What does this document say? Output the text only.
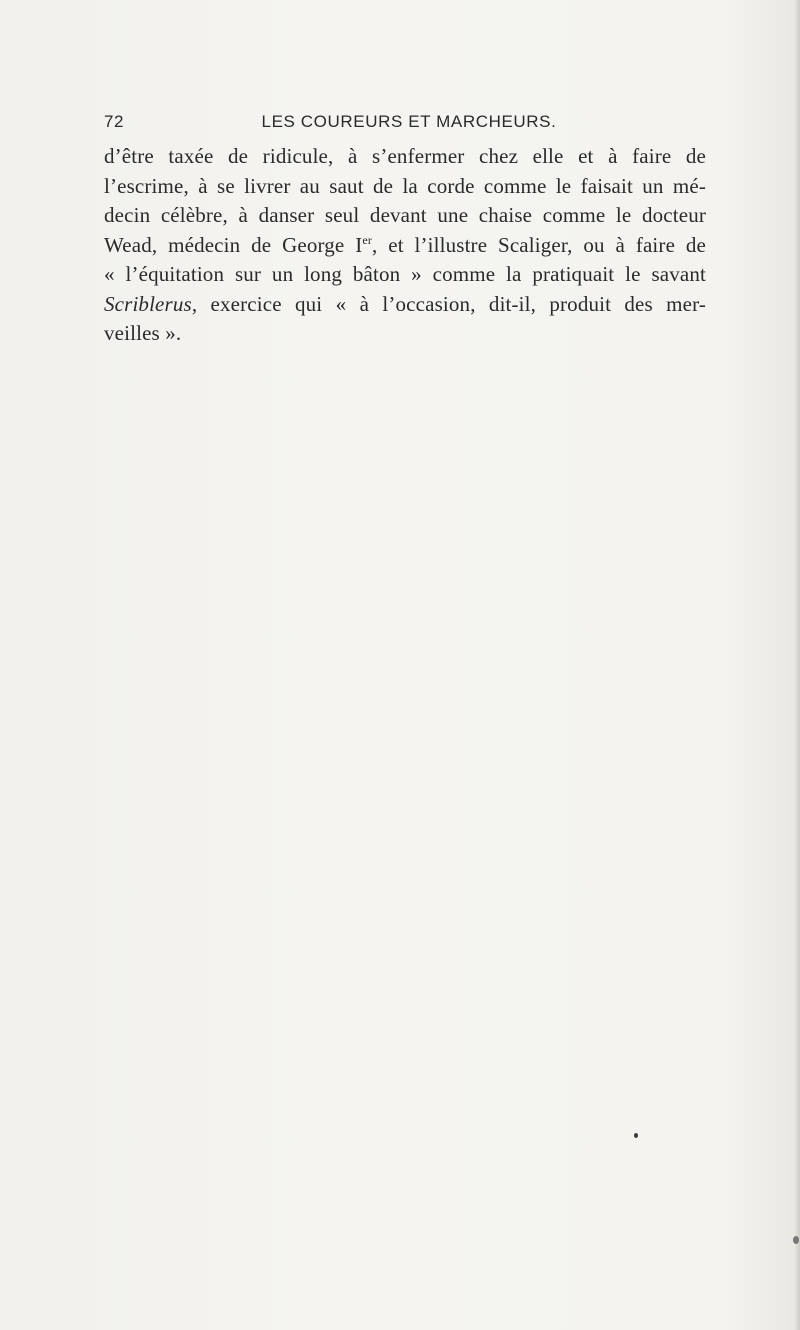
72	LES COUREURS ET MARCHEURS.
d’être taxée de ridicule, à s’enfermer chez elle et à faire de
l’escrime, à se livrer au saut de la corde comme le faisait un mé-
decin célèbre, à danser seul devant une chaise comme le docteur
Wead, médecin de George Ier, et l’illustre Scaliger, ou à faire de
« l’équitation sur un long bâton » comme la pratiquait le savant
Scriblerus, exercice qui « à l’occasion, dit-il, produit des mer-
veilles ».
